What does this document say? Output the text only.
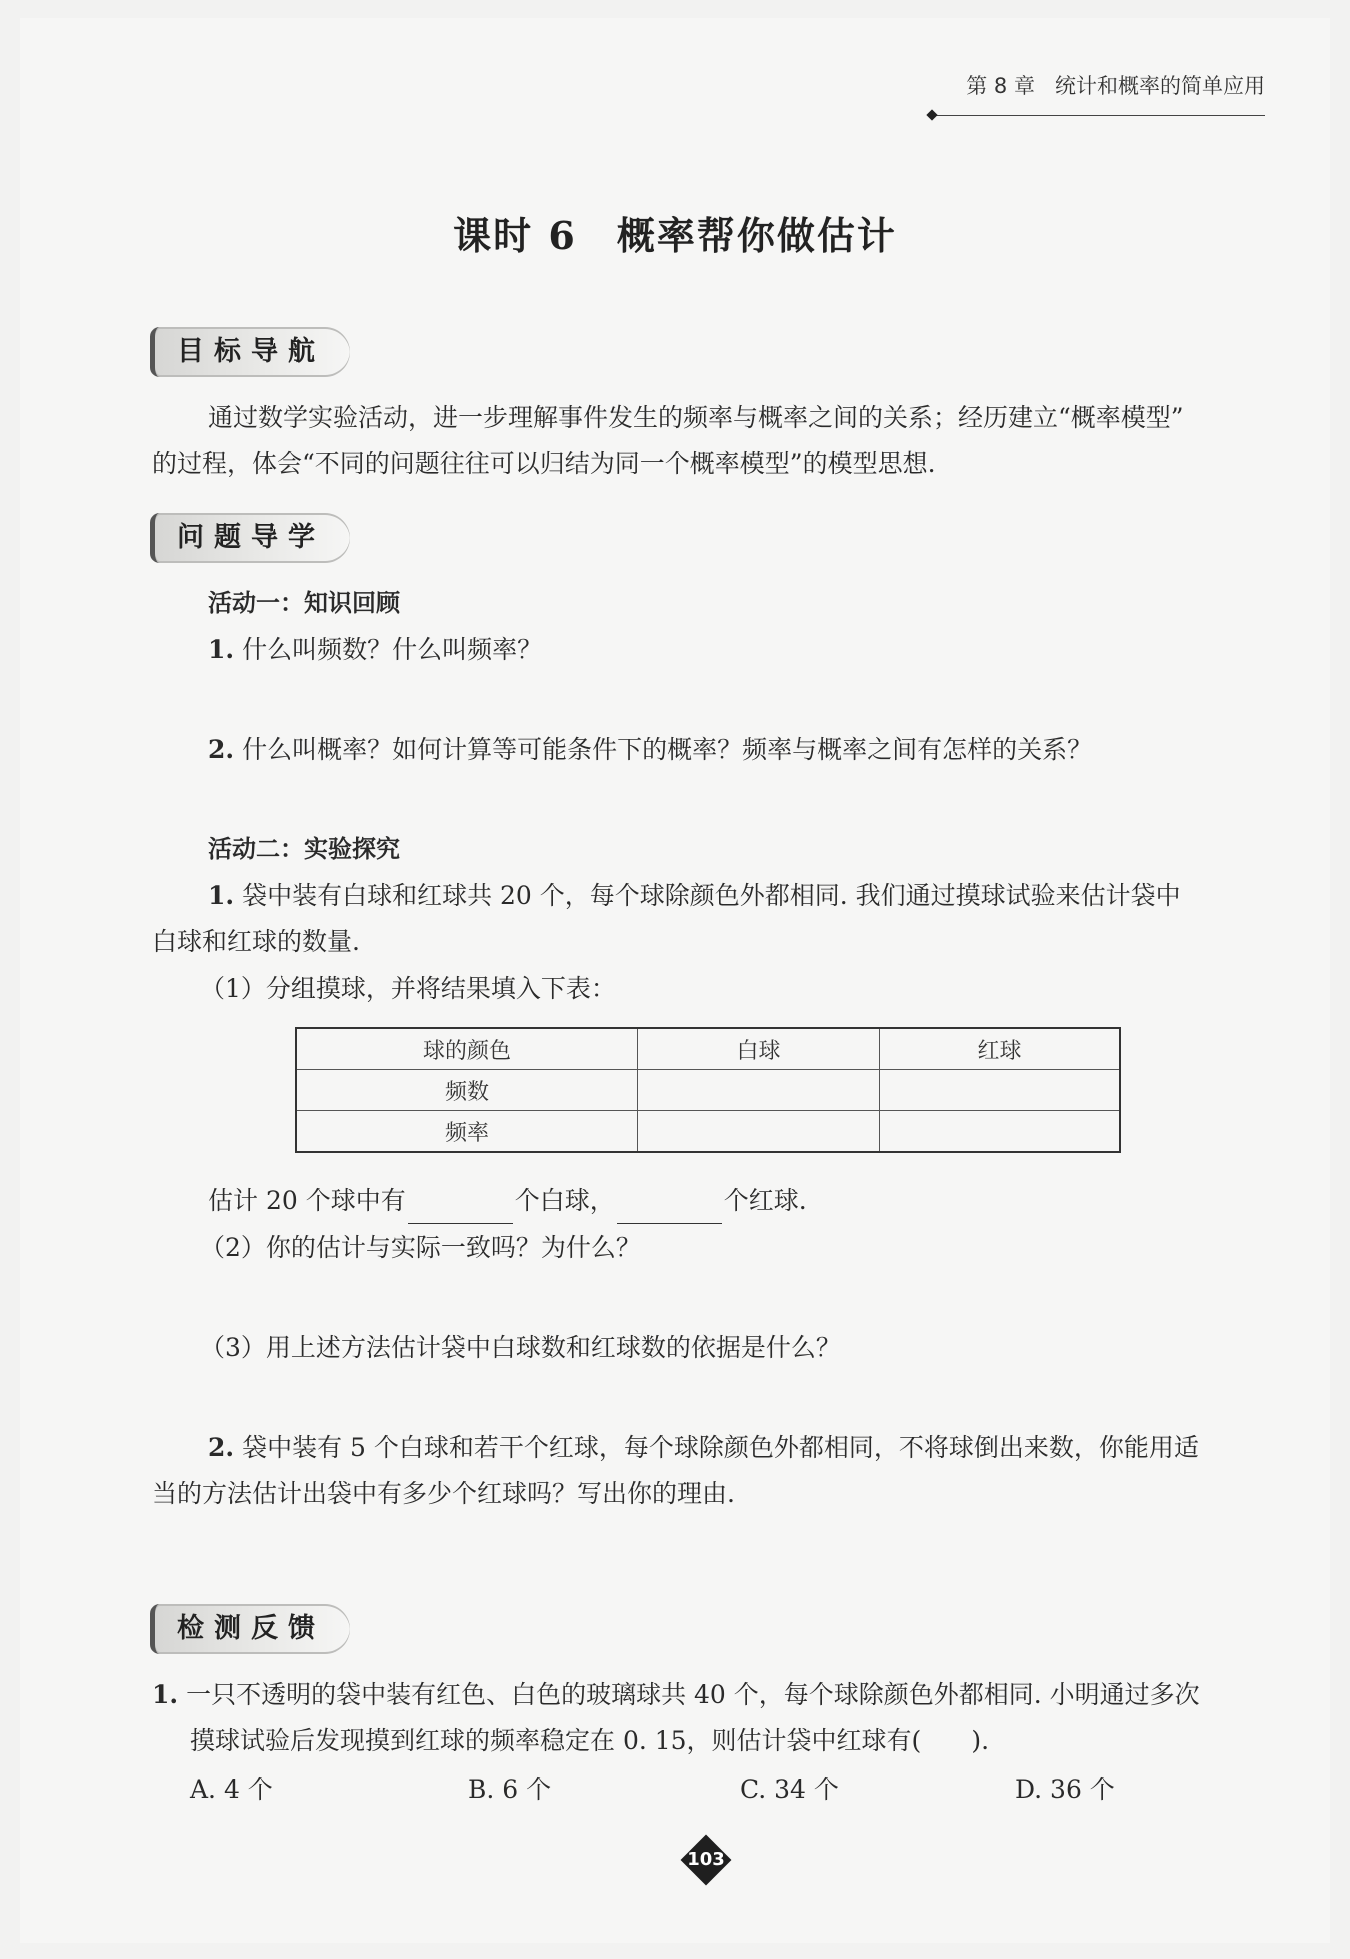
第 8 章 统计和概率的简单应用
课时 6　概率帮你做估计
目标导航
通过数学实验活动，进一步理解事件发生的频率与概率之间的关系；经历建立“概率模型”
的过程，体会“不同的问题往往可以归结为同一个概率模型”的模型思想.
问题导学
活动一：知识回顾
1. 什么叫频数？什么叫频率？
2. 什么叫概率？如何计算等可能条件下的概率？频率与概率之间有怎样的关系？
活动二：实验探究
1. 袋中装有白球和红球共 20 个，每个球除颜色外都相同. 我们通过摸球试验来估计袋中
白球和红球的数量.
（1）分组摸球，并将结果填入下表：
球的颜色	白球	红球
频数		
频率		
估计 20 个球中有	个白球，	个红球.
（2）你的估计与实际一致吗？为什么？
（3）用上述方法估计袋中白球数和红球数的依据是什么？
2. 袋中装有 5 个白球和若干个红球，每个球除颜色外都相同，不将球倒出来数，你能用适
当的方法估计出袋中有多少个红球吗？写出你的理由.
检测反馈
1. 一只不透明的袋中装有红色、白色的玻璃球共 40 个，每个球除颜色外都相同. 小明通过多次
摸球试验后发现摸到红球的频率稳定在 0. 15，则估计袋中红球有(　　).
A. 4 个	B. 6 个	C. 34 个	D. 36 个
103
